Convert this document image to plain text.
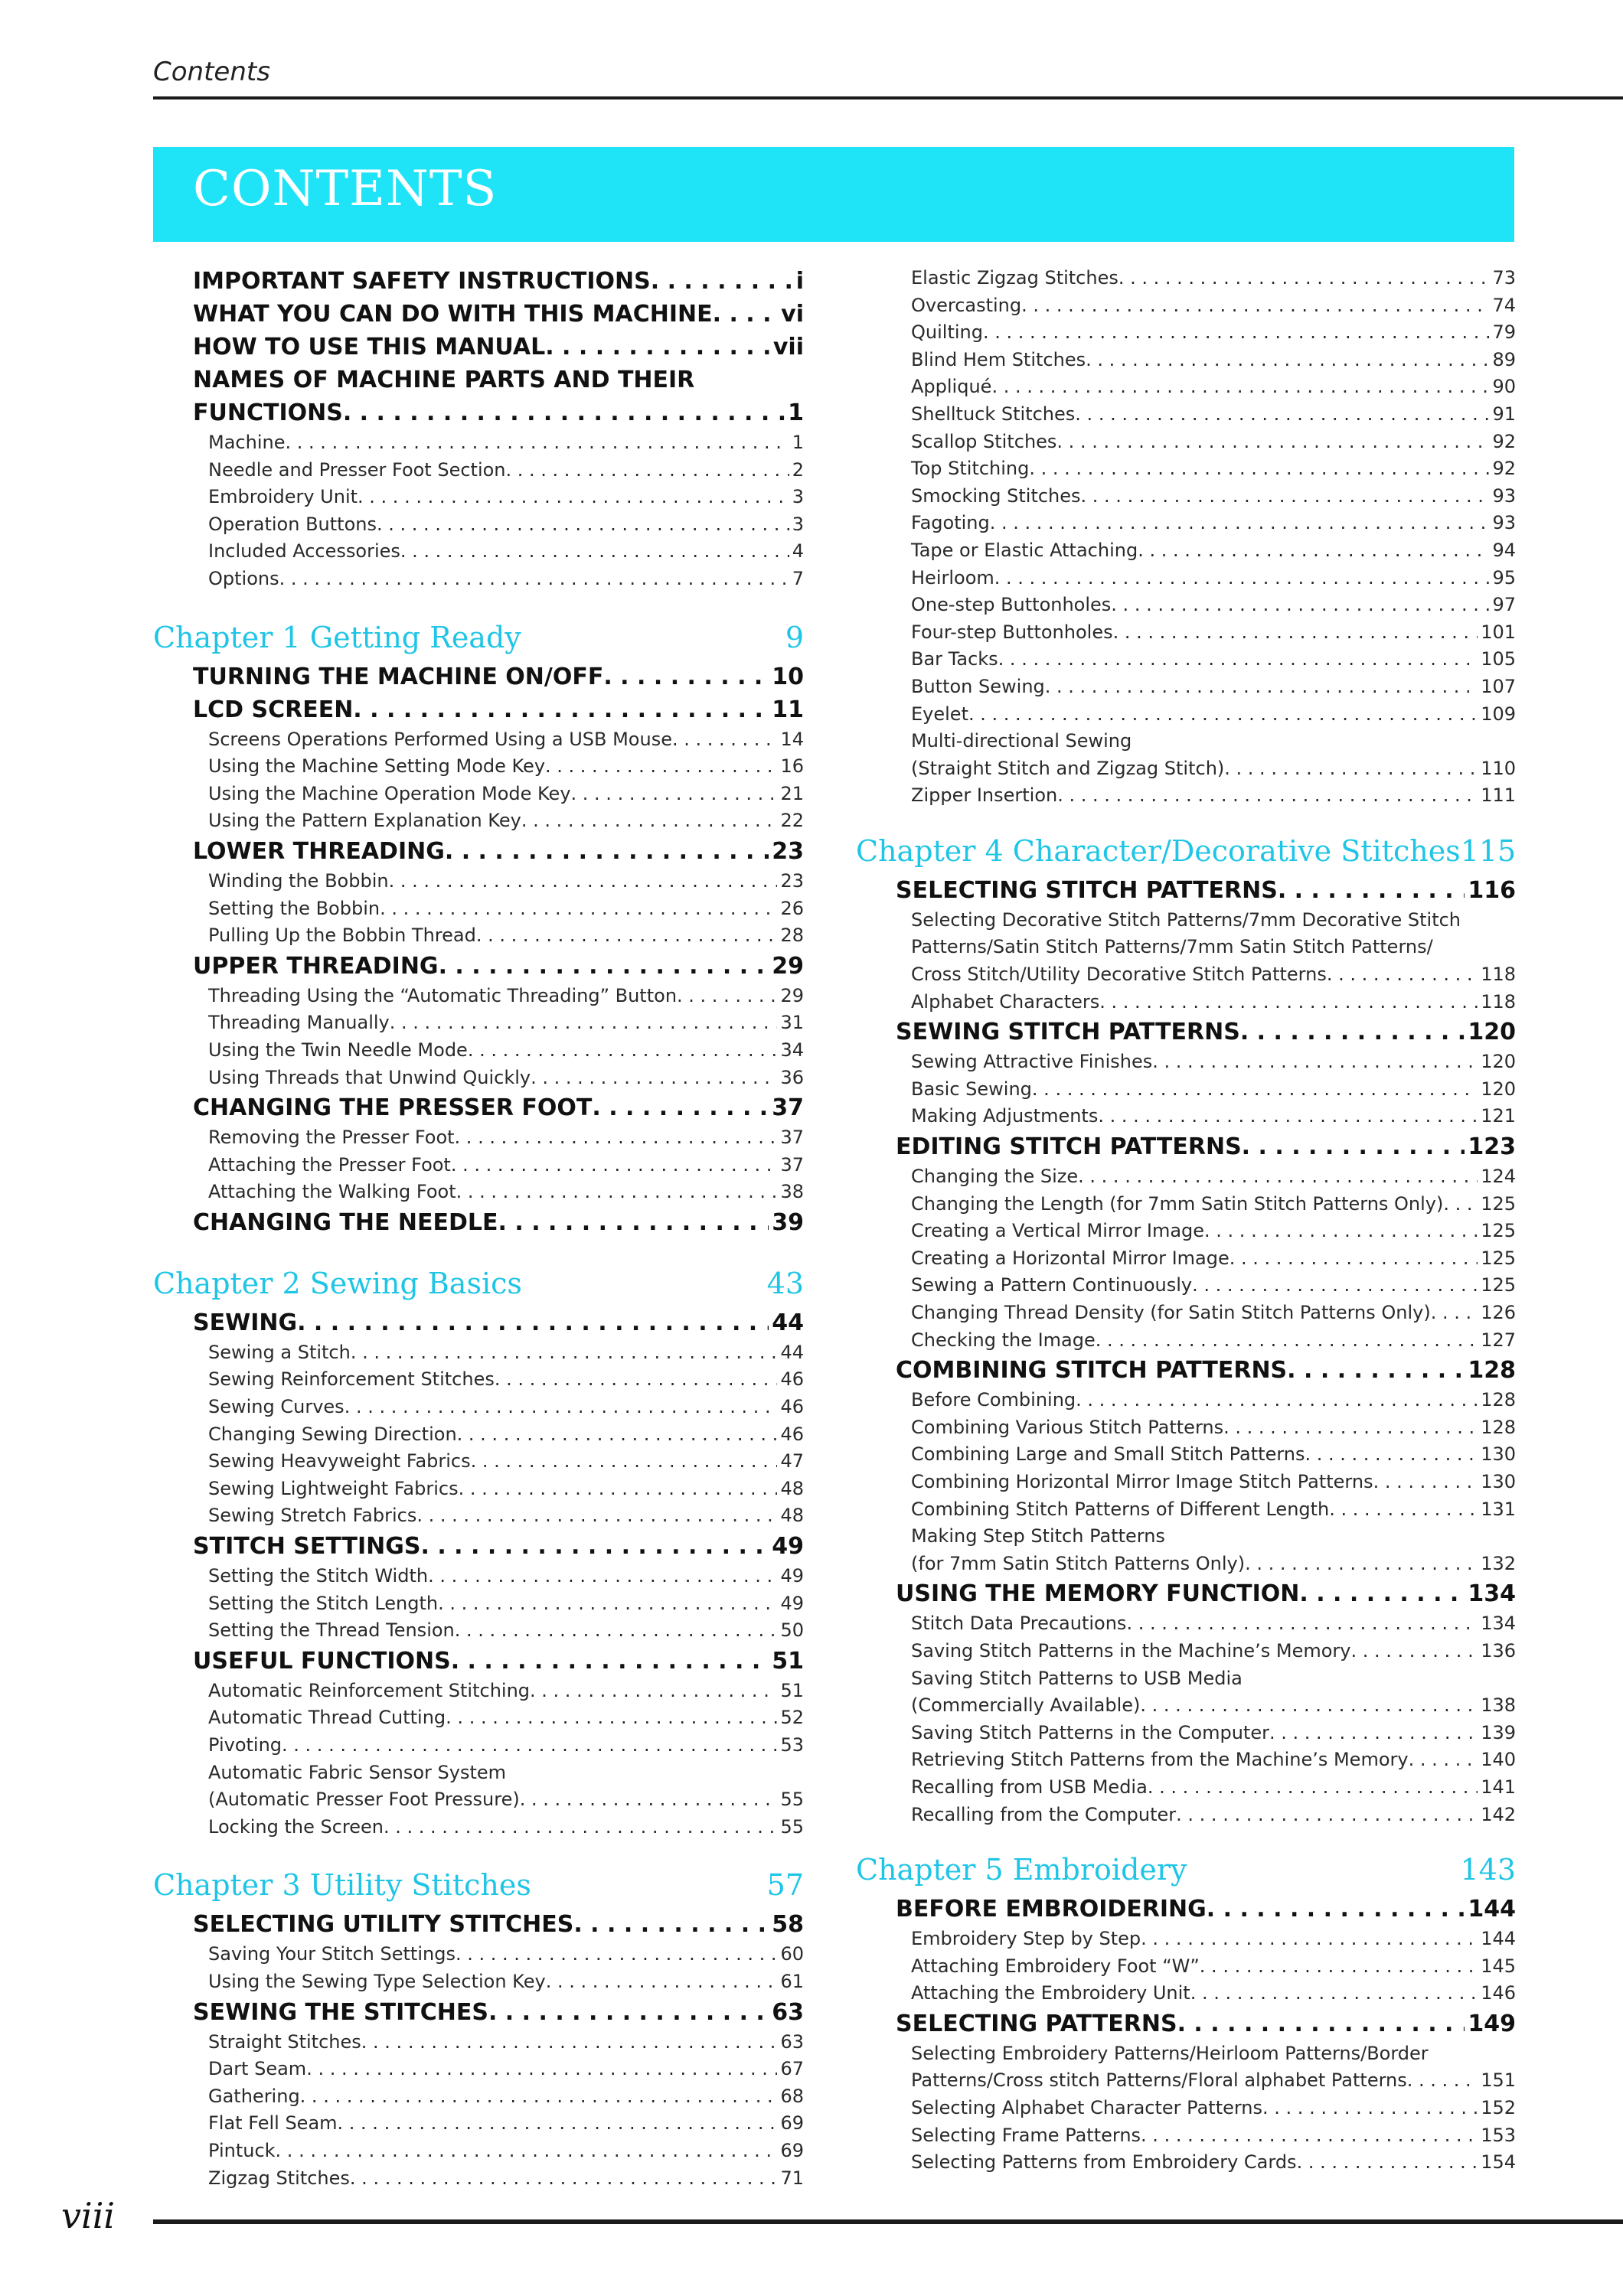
Contents
CONTENTS
IMPORTANT SAFETY INSTRUCTIONS . . .	i
WHAT YOU CAN DO WITH THIS MACHINE . . .	vi
HOW TO USE THIS MANUAL . . .	vii
NAMES OF MACHINE PARTS AND THEIR
FUNCTIONS . . .	1
Machine . . .	1
Needle and Presser Foot Section . . .	2
Embroidery Unit . . .	3
Operation Buttons . . .	3
Included Accessories . . .	4
Options . . .	7
Chapter 1 Getting Ready	9
TURNING THE MACHINE ON/OFF . . .	10
LCD SCREEN . . .	11
Screens Operations Performed Using a USB Mouse . . .	14
Using the Machine Setting Mode Key . . .	16
Using the Machine Operation Mode Key . . .	21
Using the Pattern Explanation Key . . .	22
LOWER THREADING . . .	23
Winding the Bobbin . . .	23
Setting the Bobbin . . .	26
Pulling Up the Bobbin Thread . . .	28
UPPER THREADING . . .	29
Threading Using the “Automatic Threading” Button . . .	29
Threading Manually . . .	31
Using the Twin Needle Mode . . .	34
Using Threads that Unwind Quickly . . .	36
CHANGING THE PRESSER FOOT . . .	37
Removing the Presser Foot . . .	37
Attaching the Presser Foot . . .	37
Attaching the Walking Foot . . .	38
CHANGING THE NEEDLE . . .	39
Chapter 2 Sewing Basics	43
SEWING . . .	44
Sewing a Stitch . . .	44
Sewing Reinforcement Stitches . . .	46
Sewing Curves . . .	46
Changing Sewing Direction . . .	46
Sewing Heavyweight Fabrics . . .	47
Sewing Lightweight Fabrics . . .	48
Sewing Stretch Fabrics . . .	48
STITCH SETTINGS . . .	49
Setting the Stitch Width . . .	49
Setting the Stitch Length . . .	49
Setting the Thread Tension . . .	50
USEFUL FUNCTIONS . . .	51
Automatic Reinforcement Stitching . . .	51
Automatic Thread Cutting . . .	52
Pivoting . . .	53
Automatic Fabric Sensor System
(Automatic Presser Foot Pressure) . . .	55
Locking the Screen . . .	55
Chapter 3 Utility Stitches	57
SELECTING UTILITY STITCHES . . .	58
Saving Your Stitch Settings . . .	60
Using the Sewing Type Selection Key . . .	61
SEWING THE STITCHES . . .	63
Straight Stitches . . .	63
Dart Seam . . .	67
Gathering . . .	68
Flat Fell Seam . . .	69
Pintuck . . .	69
Zigzag Stitches . . .	71
Elastic Zigzag Stitches . . .	73
Overcasting . . .	74
Quilting . . .	79
Blind Hem Stitches . . .	89
Appliqué . . .	90
Shelltuck Stitches . . .	91
Scallop Stitches . . .	92
Top Stitching . . .	92
Smocking Stitches . . .	93
Fagoting . . .	93
Tape or Elastic Attaching . . .	94
Heirloom . . .	95
One-step Buttonholes . . .	97
Four-step Buttonholes . . .	101
Bar Tacks . . .	105
Button Sewing . . .	107
Eyelet . . .	109
Multi-directional Sewing
(Straight Stitch and Zigzag Stitch) . . .	110
Zipper Insertion . . .	111
Chapter 4 Character/Decorative Stitches 115
SELECTING STITCH PATTERNS . . .	116
Selecting Decorative Stitch Patterns/7mm Decorative Stitch
Patterns/Satin Stitch Patterns/7mm Satin Stitch Patterns/
Cross Stitch/Utility Decorative Stitch Patterns . . .	118
Alphabet Characters . . .	118
SEWING STITCH PATTERNS . . .	120
Sewing Attractive Finishes . . .	120
Basic Sewing . . .	120
Making Adjustments . . .	121
EDITING STITCH PATTERNS . . .	123
Changing the Size . . .	124
Changing the Length (for 7mm Satin Stitch Patterns Only) . . . 125
Creating a Vertical Mirror Image . . .	125
Creating a Horizontal Mirror Image . . .	125
Sewing a Pattern Continuously . . .	125
Changing Thread Density (for Satin Stitch Patterns Only) . . .	126
Checking the Image . . .	127
COMBINING STITCH PATTERNS . . .	128
Before Combining . . .	128
Combining Various Stitch Patterns . . .	128
Combining Large and Small Stitch Patterns . . .	130
Combining Horizontal Mirror Image Stitch Patterns . . .	130
Combining Stitch Patterns of Different Length . . .	131
Making Step Stitch Patterns
(for 7mm Satin Stitch Patterns Only) . . .	132
USING THE MEMORY FUNCTION . . .	134
Stitch Data Precautions . . .	134
Saving Stitch Patterns in the Machine’s Memory . . .	136
Saving Stitch Patterns to USB Media
(Commercially Available) . . .	138
Saving Stitch Patterns in the Computer . . .	139
Retrieving Stitch Patterns from the Machine’s Memory . . .	140
Recalling from USB Media . . .	141
Recalling from the Computer . . .	142
Chapter 5 Embroidery	143
BEFORE EMBROIDERING . . .	144
Embroidery Step by Step . . .	144
Attaching Embroidery Foot “W” . . .	145
Attaching the Embroidery Unit . . .	146
SELECTING PATTERNS . . .	149
Selecting Embroidery Patterns/Heirloom Patterns/Border
Patterns/Cross stitch Patterns/Floral alphabet Patterns . . .	151
Selecting Alphabet Character Patterns . . .	152
Selecting Frame Patterns . . .	153
Selecting Patterns from Embroidery Cards . . .	154
viii
